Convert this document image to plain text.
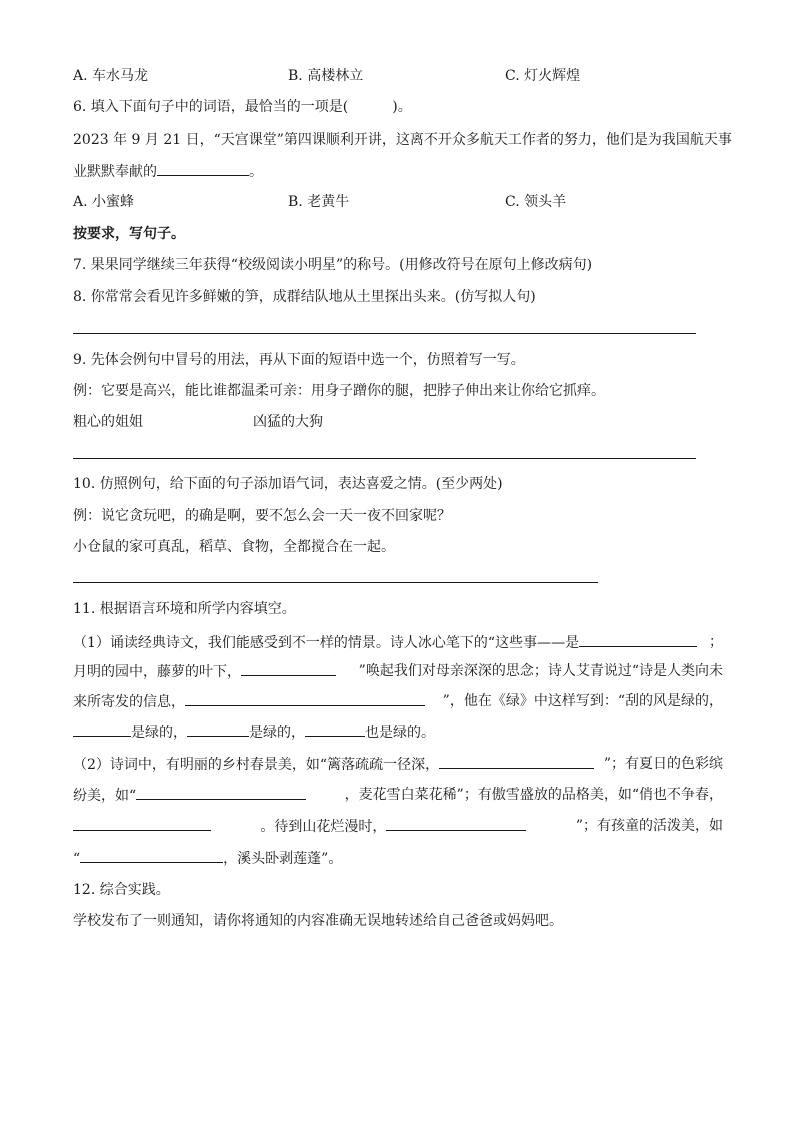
A. 车水马龙	B. 高楼林立	C. 灯火辉煌
6. 填入下面句子中的词语，最恰当的一项是(	)。
2023 年 9 月 21 日，“天宫课堂”第四课顺利开讲，这离不开众多航天工作者的努力，他们是为我国航天事
业默默奉献的	。
A. 小蜜蜂	B. 老黄牛	C. 领头羊
按要求，写句子。
7. 果果同学继续三年获得“校级阅读小明星”的称号。(用修改符号在原句上修改病句)
8. 你常常会看见许多鲜嫩的笋，成群结队地从土里探出头来。(仿写拟人句)
9. 先体会例句中冒号的用法，再从下面的短语中选一个，仿照着写一写。
例：它要是高兴，能比谁都温柔可亲：用身子蹭你的腿，把脖子伸出来让你给它抓痒。
粗心的姐姐	凶猛的大狗
10. 仿照例句，给下面的句子添加语气词，表达喜爱之情。(至少两处)
例：说它贪玩吧，的确是啊，要不怎么会一天一夜不回家呢？
小仓鼠的家可真乱，稻草、食物，全都搅合在一起。
11. 根据语言环境和所学内容填空。
（1）诵读经典诗文，我们能感受到不一样的情景。诗人冰心笔下的“这些事——是	；
月明的园中，藤萝的叶下，	”唤起我们对母亲深深的思念；诗人艾青说过“诗是人类向未
来所寄发的信息，	”，他在《绿》中这样写到：“刮的风是绿的，
是绿的，	是绿的，	也是绿的。
（2）诗词中，有明丽的乡村春景美，如“篱落疏疏一径深，	”；有夏日的色彩缤
纷美，如“	，麦花雪白菜花稀”；有傲雪盛放的品格美，如“俏也不争春，
。待到山花烂漫时，	”；有孩童的活泼美，如
“	，溪头卧剥莲蓬”。
12. 综合实践。
学校发布了一则通知，请你将通知的内容准确无误地转述给自己爸爸或妈妈吧。
